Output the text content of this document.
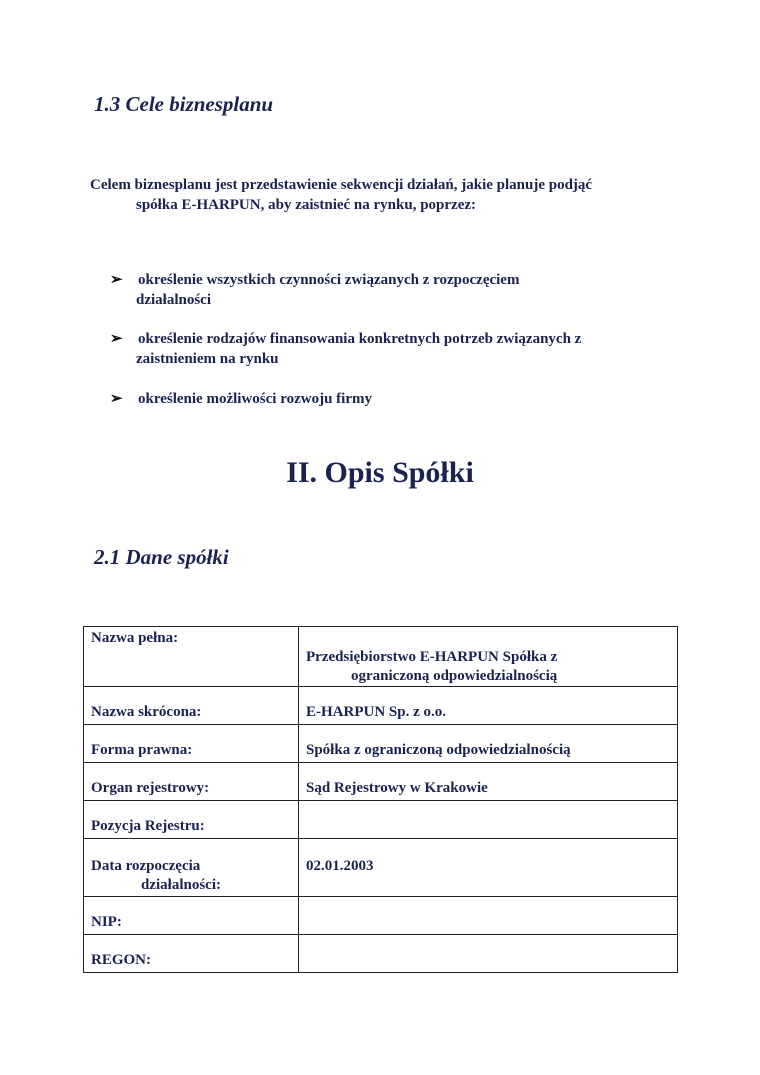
1.3 Cele biznesplanu
Celem biznesplanu jest przedstawienie sekwencji działań, jakie planuje podjąć
spółka E-HARPUN, aby zaistnieć na rynku, poprzez:
➢	określenie wszystkich czynności związanych z rozpoczęciem
działalności
➢	określenie rodzajów finansowania konkretnych potrzeb związanych z
zaistnieniem na rynku
➢	określenie możliwości rozwoju firmy
II. Opis Spółki
2.1 Dane spółki
Nazwa pełna:	Przedsiębiorstwo E-HARPUN Spółka z
ograniczoną odpowiedzialnością

Nazwa skrócona:	E-HARPUN Sp. z o.o.

Forma prawna:	Spółka z ograniczoną odpowiedzialnością

Organ rejestrowy:	Sąd Rejestrowy w Krakowie

Pozycja Rejestru:	

Data rozpoczęcia
działalności:	02.01.2003

NIP:	

REGON:	
